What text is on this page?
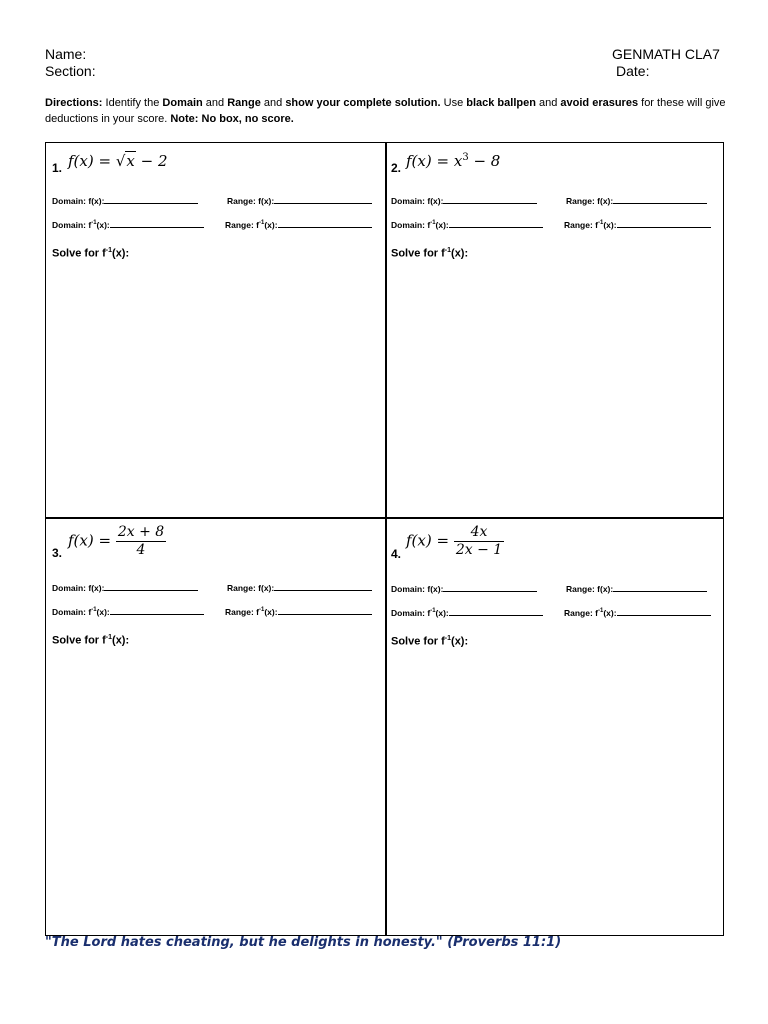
Name:
Section:
GENMATH CLA7
Date:
Directions: Identify the Domain and Range and show your complete solution. Use black ballpen and avoid erasures for these will give deductions in your score. Note: No box, no score.
1. f(x) = √x − 2
Domain: f(x):	Range: f(x):
Domain: $f^{-1}(x)$:	Range: $f^{-1}(x)$:
Solve for $f^{-1}(x)$:
2. $f(x) = x^3 - 8$
Domain: f(x):	Range: f(x):
Domain: $f^{-1}(x)$:	Range: $f^{-1}(x)$:
Solve for $f^{-1}(x)$:
3.
$f(x) = \frac{2x + 8}{4}$
Domain: f(x):	Range: f(x):
Domain: $f^{-1}(x)$:	Range: $f^{-1}(x)$:
Solve for $f^{-1}(x)$:
4.
$f(x) = \frac{4x}{2x - 1}$
Domain: f(x):	Range: f(x):
Domain: $f^{-1}(x)$:	Range: $f^{-1}(x)$:
Solve for $f^{-1}(x)$:
"The Lord hates cheating, but he delights in honesty." (Proverbs 11:1)
